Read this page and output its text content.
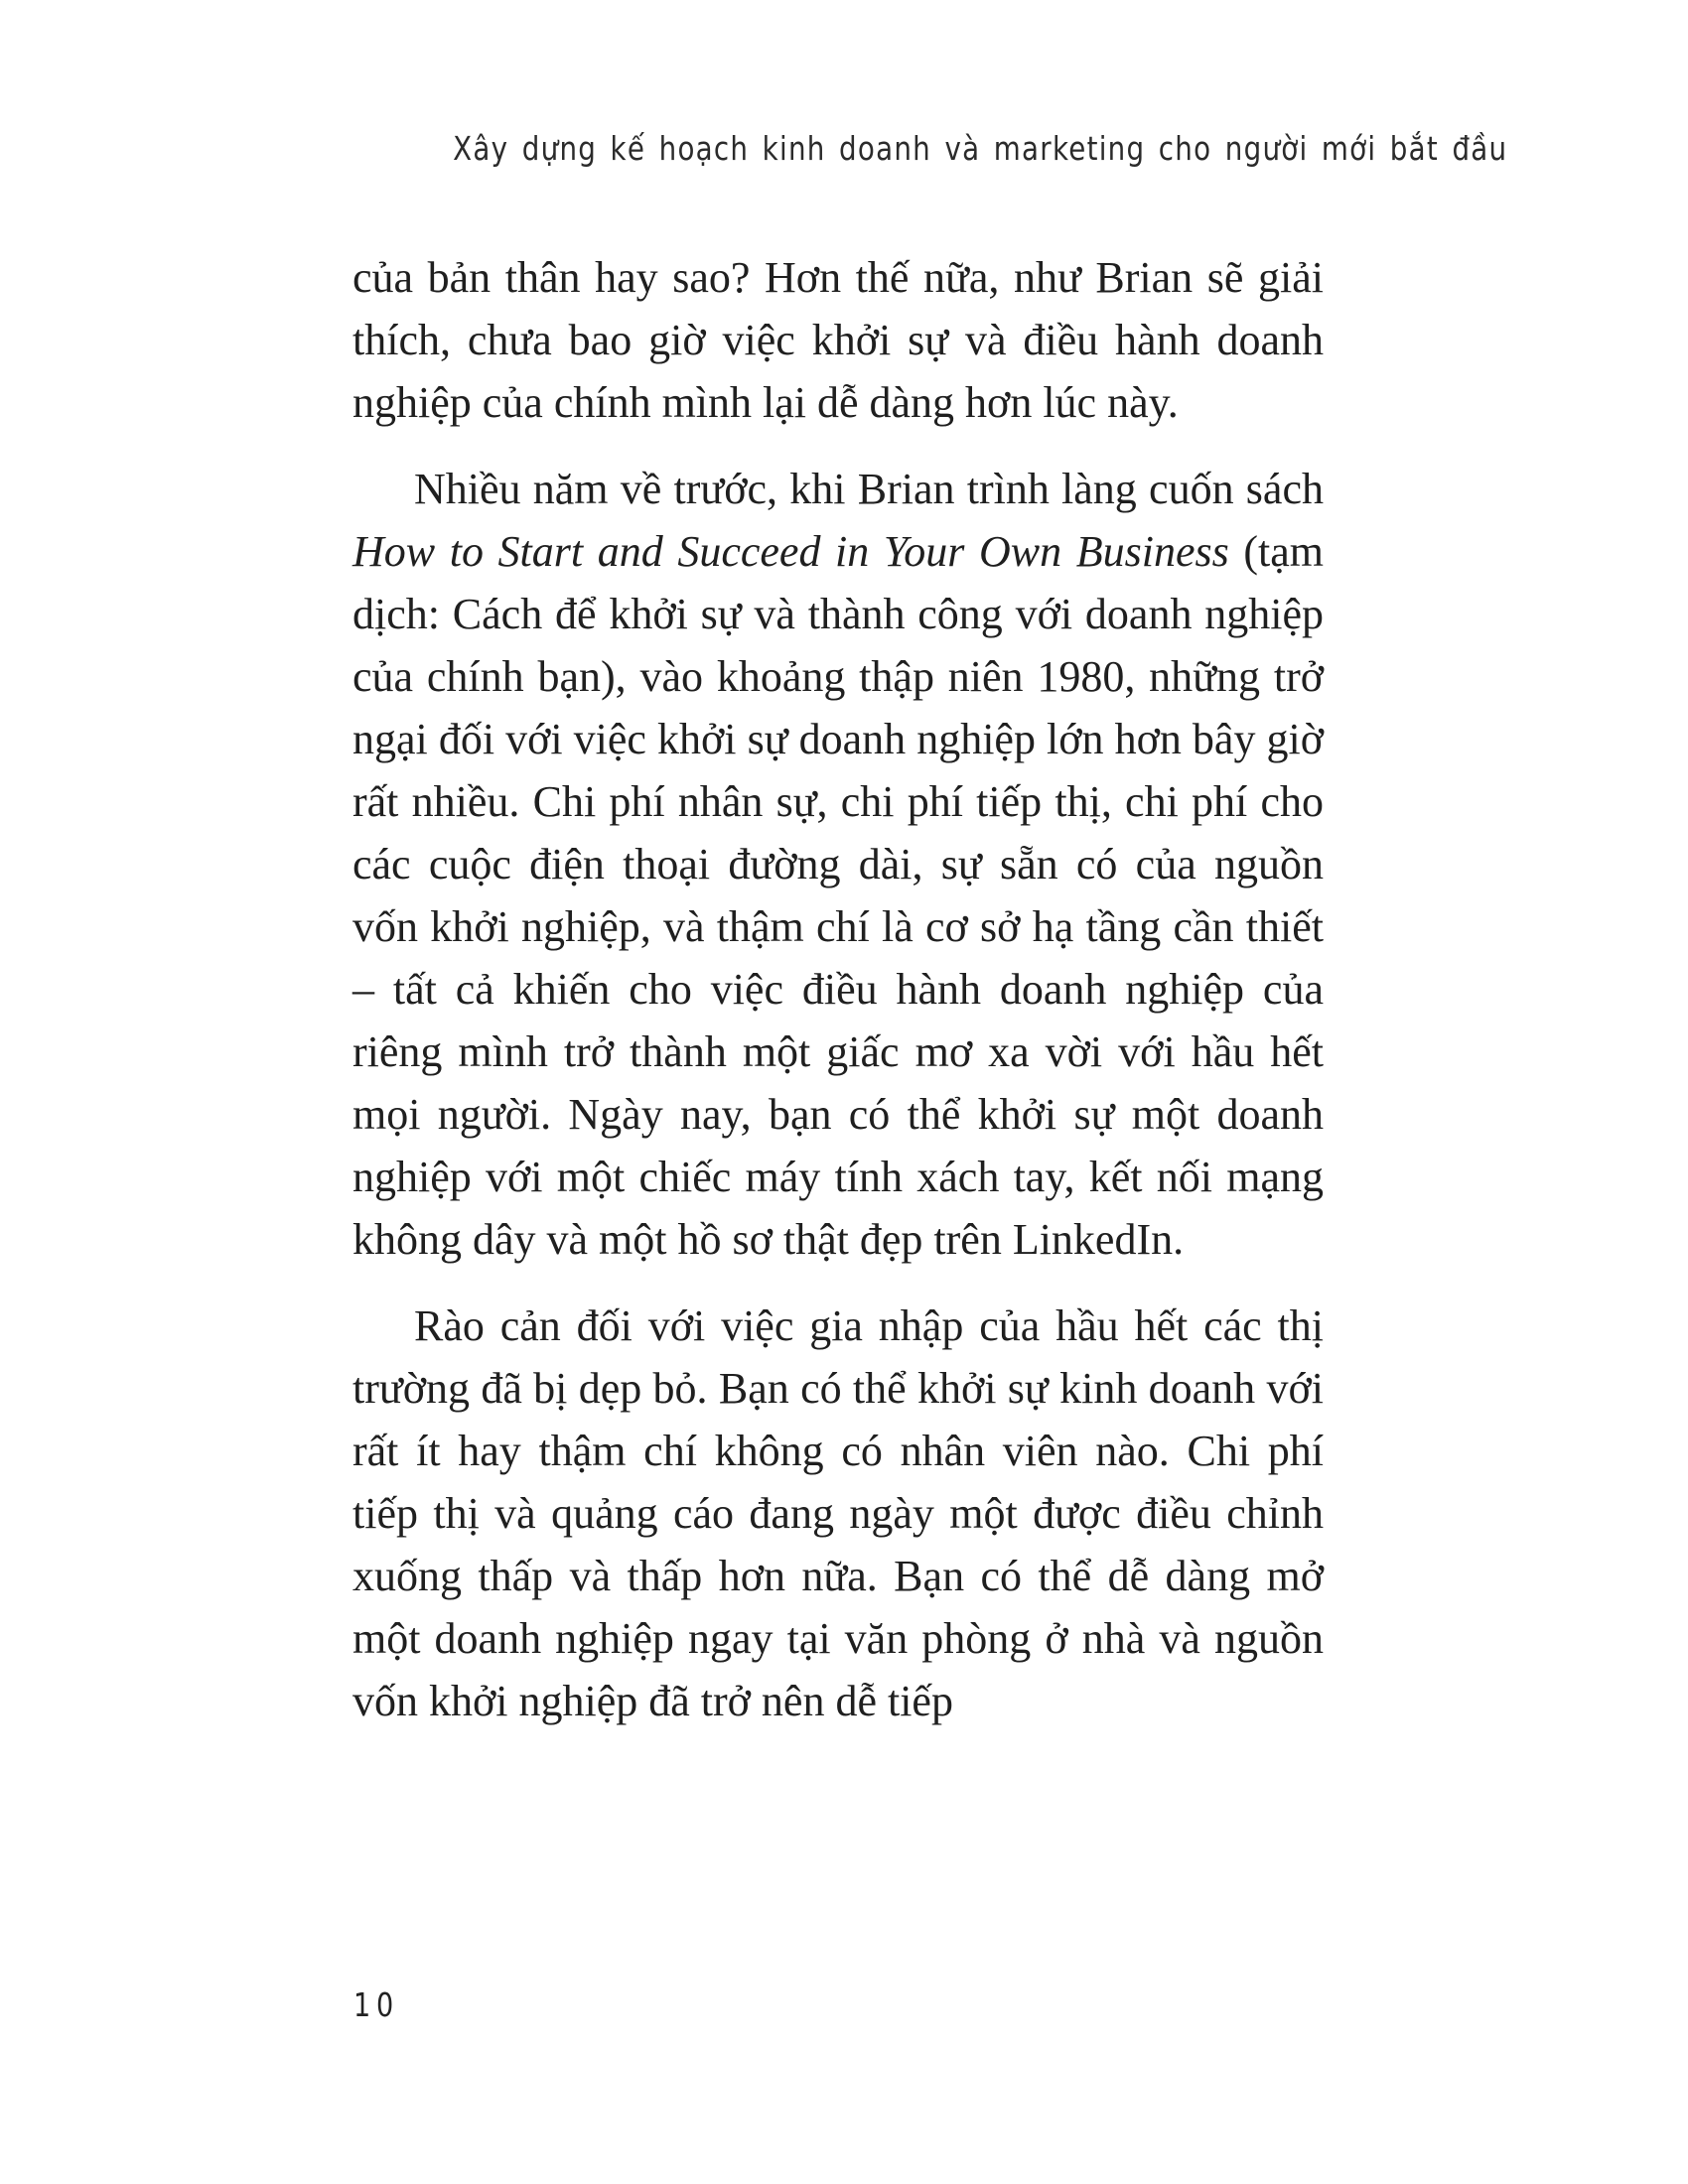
Xây dựng kế hoạch kinh doanh và marketing cho người mới bắt đầu

của bản thân hay sao? Hơn thế nữa, như Brian sẽ giải thích, chưa bao giờ việc khởi sự và điều hành doanh nghiệp của chính mình lại dễ dàng hơn lúc này.

Nhiều năm về trước, khi Brian trình làng cuốn sách How to Start and Succeed in Your Own Business (tạm dịch: Cách để khởi sự và thành công với doanh nghiệp của chính bạn), vào khoảng thập niên 1980, những trở ngại đối với việc khởi sự doanh nghiệp lớn hơn bây giờ rất nhiều. Chi phí nhân sự, chi phí tiếp thị, chi phí cho các cuộc điện thoại đường dài, sự sẵn có của nguồn vốn khởi nghiệp, và thậm chí là cơ sở hạ tầng cần thiết – tất cả khiến cho việc điều hành doanh nghiệp của riêng mình trở thành một giấc mơ xa vời với hầu hết mọi người. Ngày nay, bạn có thể khởi sự một doanh nghiệp với một chiếc máy tính xách tay, kết nối mạng không dây và một hồ sơ thật đẹp trên LinkedIn.

Rào cản đối với việc gia nhập của hầu hết các thị trường đã bị dẹp bỏ. Bạn có thể khởi sự kinh doanh với rất ít hay thậm chí không có nhân viên nào. Chi phí tiếp thị và quảng cáo đang ngày một được điều chỉnh xuống thấp và thấp hơn nữa. Bạn có thể dễ dàng mở một doanh nghiệp ngay tại văn phòng ở nhà và nguồn vốn khởi nghiệp đã trở nên dễ tiếp

10
